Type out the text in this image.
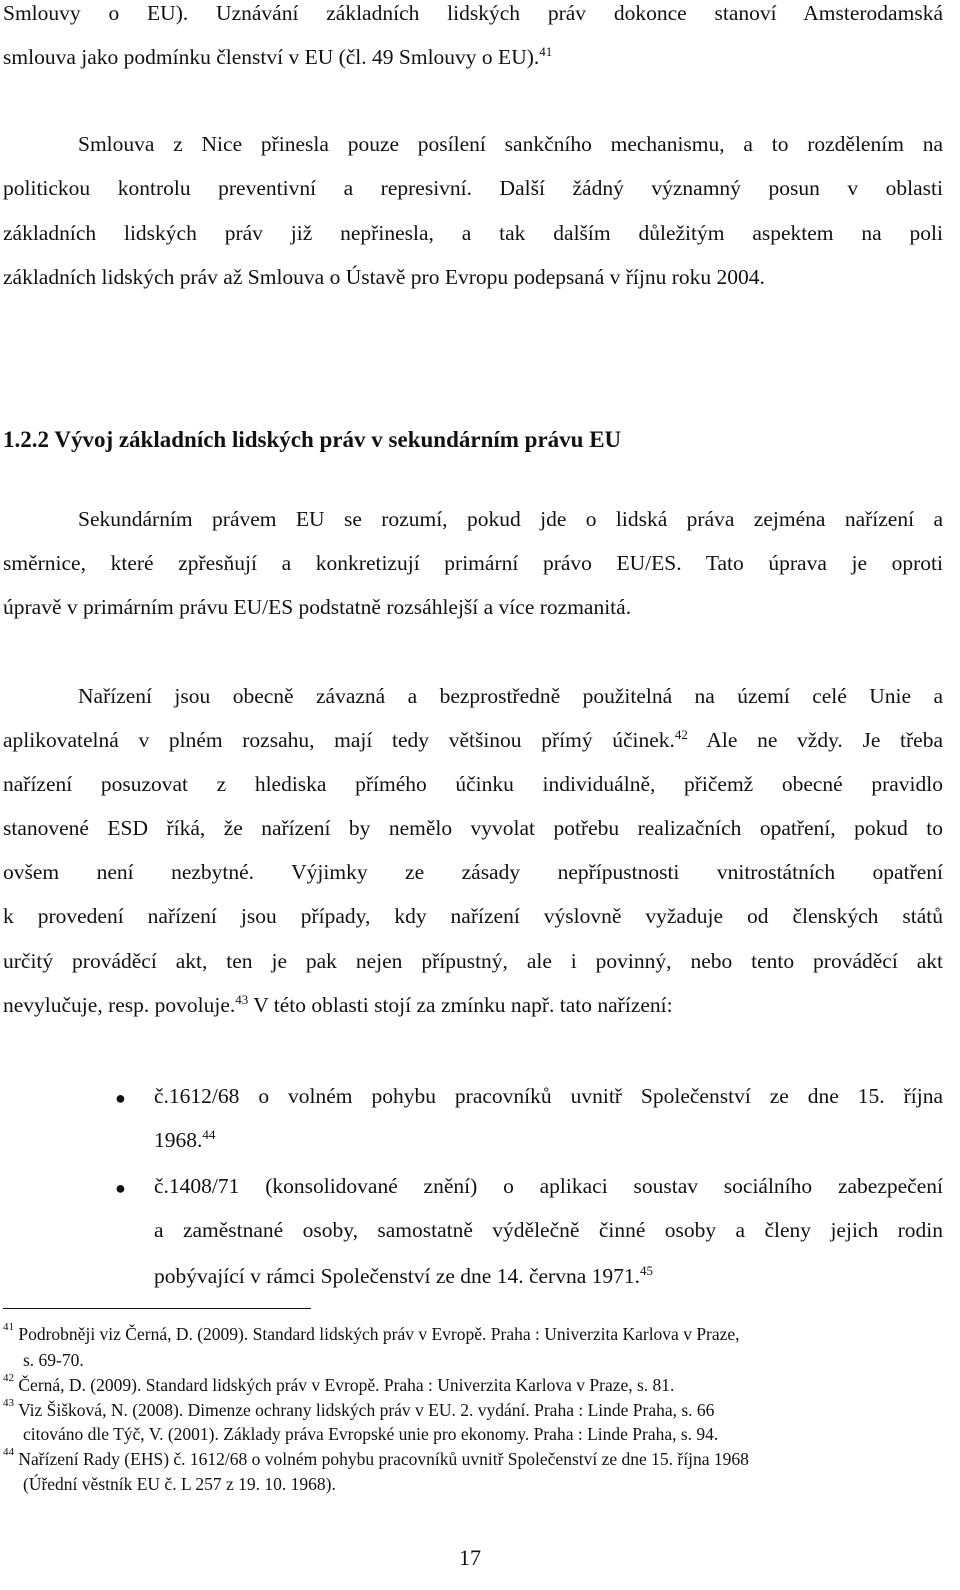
Smlouvy o EU). Uznávání základních lidských práv dokonce stanoví Amsterodamská
smlouva jako podmínku členství v EU (čl. 49 Smlouvy o EU).$^{41}$
Smlouva z Nice přinesla pouze posílení sankčního mechanismu, a to rozdělením na
politickou kontrolu preventivní a represivní. Další žádný významný posun v oblasti
základních lidských práv již nepřinesla, a tak dalším důležitým aspektem na poli
základních lidských práv až Smlouva o Ústavě pro Evropu podepsaná v říjnu roku 2004.
1.2.2 Vývoj základních lidských práv v sekundárním právu EU
Sekundárním právem EU se rozumí, pokud jde o lidská práva zejména nařízení a
směrnice, které zpřesňují a konkretizují primární právo EU/ES. Tato úprava je oproti
úpravě v primárním právu EU/ES podstatně rozsáhlejší a více rozmanitá.
Nařízení jsou obecně závazná a bezprostředně použitelná na území celé Unie a
aplikovatelná v plném rozsahu, mají tedy většinou přímý účinek.$^{42}$ Ale ne vždy. Je třeba
nařízení posuzovat z hlediska přímého účinku individuálně, přičemž obecné pravidlo
stanovené ESD říká, že nařízení by nemělo vyvolat potřebu realizačních opatření, pokud to
ovšem není nezbytné. Výjimky ze zásady nepřípustnosti vnitrostátních opatření
k provedení nařízení jsou případy, kdy nařízení výslovně vyžaduje od členských států
určitý prováděcí akt, ten je pak nejen přípustný, ale i povinný, nebo tento prováděcí akt
nevylučuje, resp. povoluje.$^{43}$ V této oblasti stojí za zmínku např. tato nařízení:
● č.1612/68 o volném pohybu pracovníků uvnitř Společenství ze dne 15. října
1968.44
● č.1408/71 (konsolidované znění) o aplikaci soustav sociálního zabezpečení
a zaměstnané osoby, samostatně výdělečně činné osoby a členy jejich rodin
pobývající v rámci Společenství ze dne 14. června 1971.45
$^{41}$ Podrobněji viz Černá, D. (2009). Standard lidských práv v Evropě. Praha : Univerzita Karlova v Praze,
s. 69-70.
$^{42}$ Černá, D. (2009). Standard lidských práv v Evropě. Praha : Univerzita Karlova v Praze, s. 81.
$^{43}$ Viz Šišková, N. (2008). Dimenze ochrany lidských práv v EU. 2. vydání. Praha : Linde Praha, s. 66
citováno dle Týč, V. (2001). Základy práva Evropské unie pro ekonomy. Praha : Linde Praha, s. 94.
$^{44}$ Nařízení Rady (EHS) č. 1612/68 o volném pohybu pracovníků uvnitř Společenství ze dne 15. října 1968
(Úřední věstník EU č. L 257 z 19. 10. 1968).
17
